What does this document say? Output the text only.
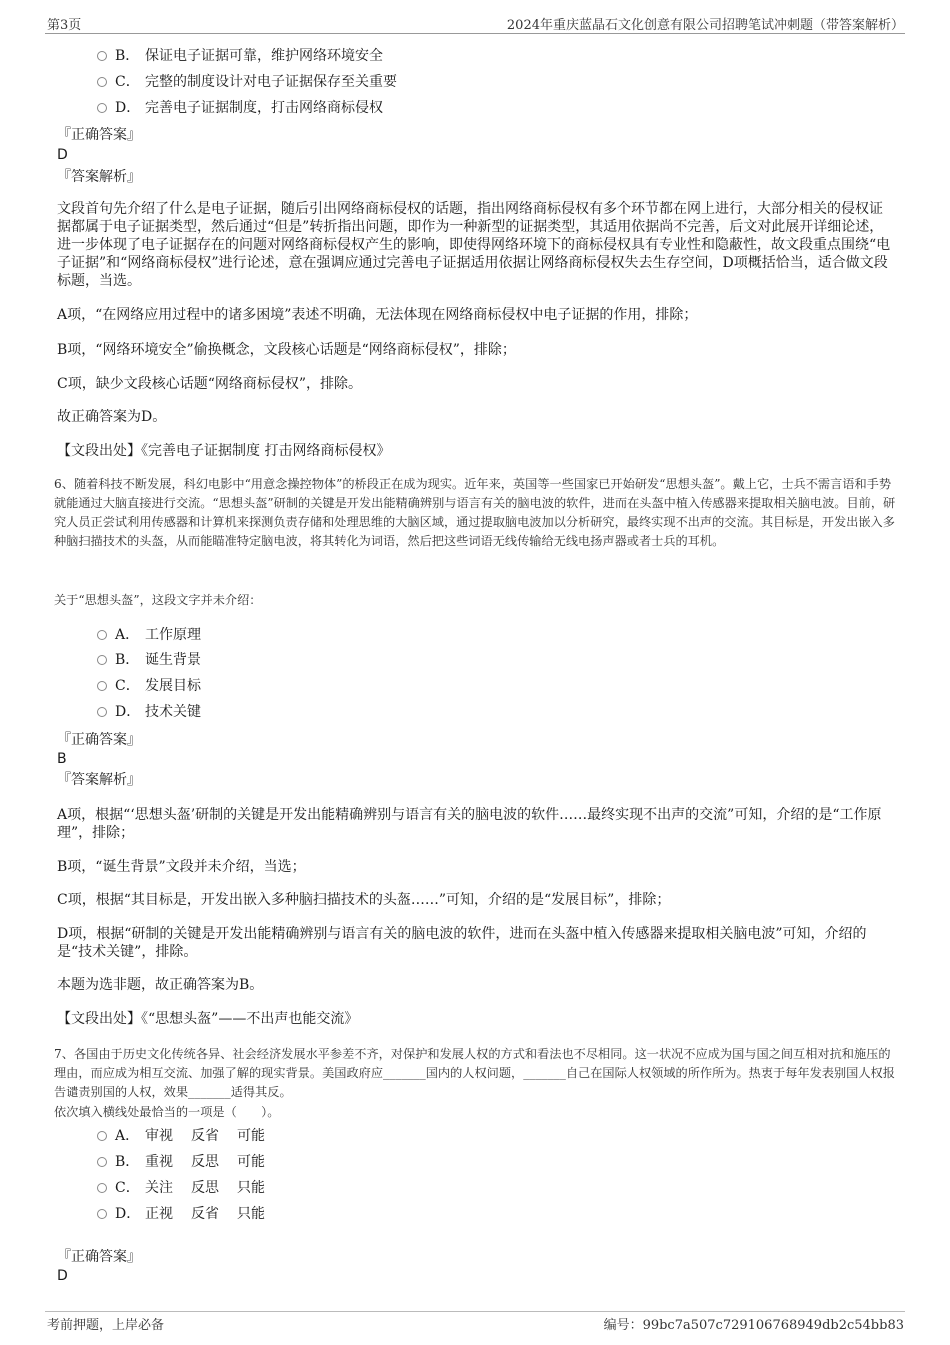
第3页	2024年重庆蓝晶石文化创意有限公司招聘笔试冲刺题（带答案解析）
B． 保证电子证据可靠，维护网络环境安全
C． 完整的制度设计对电子证据保存至关重要
D． 完善电子证据制度，打击网络商标侵权
『正确答案』
D
『答案解析』
文段首句先介绍了什么是电子证据，随后引出网络商标侵权的话题，指出网络商标侵权有多个环节都在网上进行，大部分相关的侵权证据都属于电子证据类型，然后通过“但是”转折指出问题，即作为一种新型的证据类型，其适用依据尚不完善，后文对此展开详细论述，进一步体现了电子证据存在的问题对网络商标侵权产生的影响，即使得网络环境下的商标侵权具有专业性和隐蔽性，故文段重点围绕“电子证据”和“网络商标侵权”进行论述，意在强调应通过完善电子证据适用依据让网络商标侵权失去生存空间，D项概括恰当，适合做文段标题，当选。
A项，“在网络应用过程中的诸多困境”表述不明确，无法体现在网络商标侵权中电子证据的作用，排除；
B项，“网络环境安全”偷换概念，文段核心话题是“网络商标侵权”，排除；
C项，缺少文段核心话题“网络商标侵权”，排除。
故正确答案为D。
【文段出处】《完善电子证据制度 打击网络商标侵权》
6、随着科技不断发展，科幻电影中“用意念操控物体”的桥段正在成为现实。近年来，英国等一些国家已开始研发“思想头盔”。戴上它，士兵不需言语和手势就能通过大脑直接进行交流。“思想头盔”研制的关键是开发出能精确辨别与语言有关的脑电波的软件，进而在头盔中植入传感器来提取相关脑电波。目前，研究人员正尝试利用传感器和计算机来探测负责存储和处理思维的大脑区域，通过提取脑电波加以分析研究，最终实现不出声的交流。其目标是，开发出嵌入多种脑扫描技术的头盔，从而能瞄准特定脑电波，将其转化为词语，然后把这些词语无线传输给无线电扬声器或者士兵的耳机。
关于“思想头盔”，这段文字并未介绍：
A． 工作原理
B． 诞生背景
C． 发展目标
D． 技术关键
『正确答案』
B
『答案解析』
A项，根据“‘思想头盔’研制的关键是开发出能精确辨别与语言有关的脑电波的软件……最终实现不出声的交流”可知，介绍的是“工作原理”，排除；
B项，“诞生背景”文段并未介绍，当选；
C项，根据“其目标是，开发出嵌入多种脑扫描技术的头盔……”可知，介绍的是“发展目标”，排除；
D项，根据“研制的关键是开发出能精确辨别与语言有关的脑电波的软件，进而在头盔中植入传感器来提取相关脑电波”可知，介绍的是“技术关键”，排除。
本题为选非题，故正确答案为B。
【文段出处】《“思想头盔”——不出声也能交流》
7、各国由于历史文化传统各异、社会经济发展水平参差不齐，对保护和发展人权的方式和看法也不尽相同。这一状况不应成为国与国之间互相对抗和施压的理由，而应成为相互交流、加强了解的现实背景。美国政府应_______国内的人权问题，_______自己在国际人权领域的所作所为。热衷于每年发表别国人权报告谴责别国的人权，效果_______适得其反。
依次填入横线处最恰当的一项是（　　）。
A． 审视 反省 可能
B． 重视 反思 可能
C． 关注 反思 只能
D． 正视 反省 只能
『正确答案』
D
考前押题，上岸必备	编号：99bc7a507c729106768949db2c54bb83
